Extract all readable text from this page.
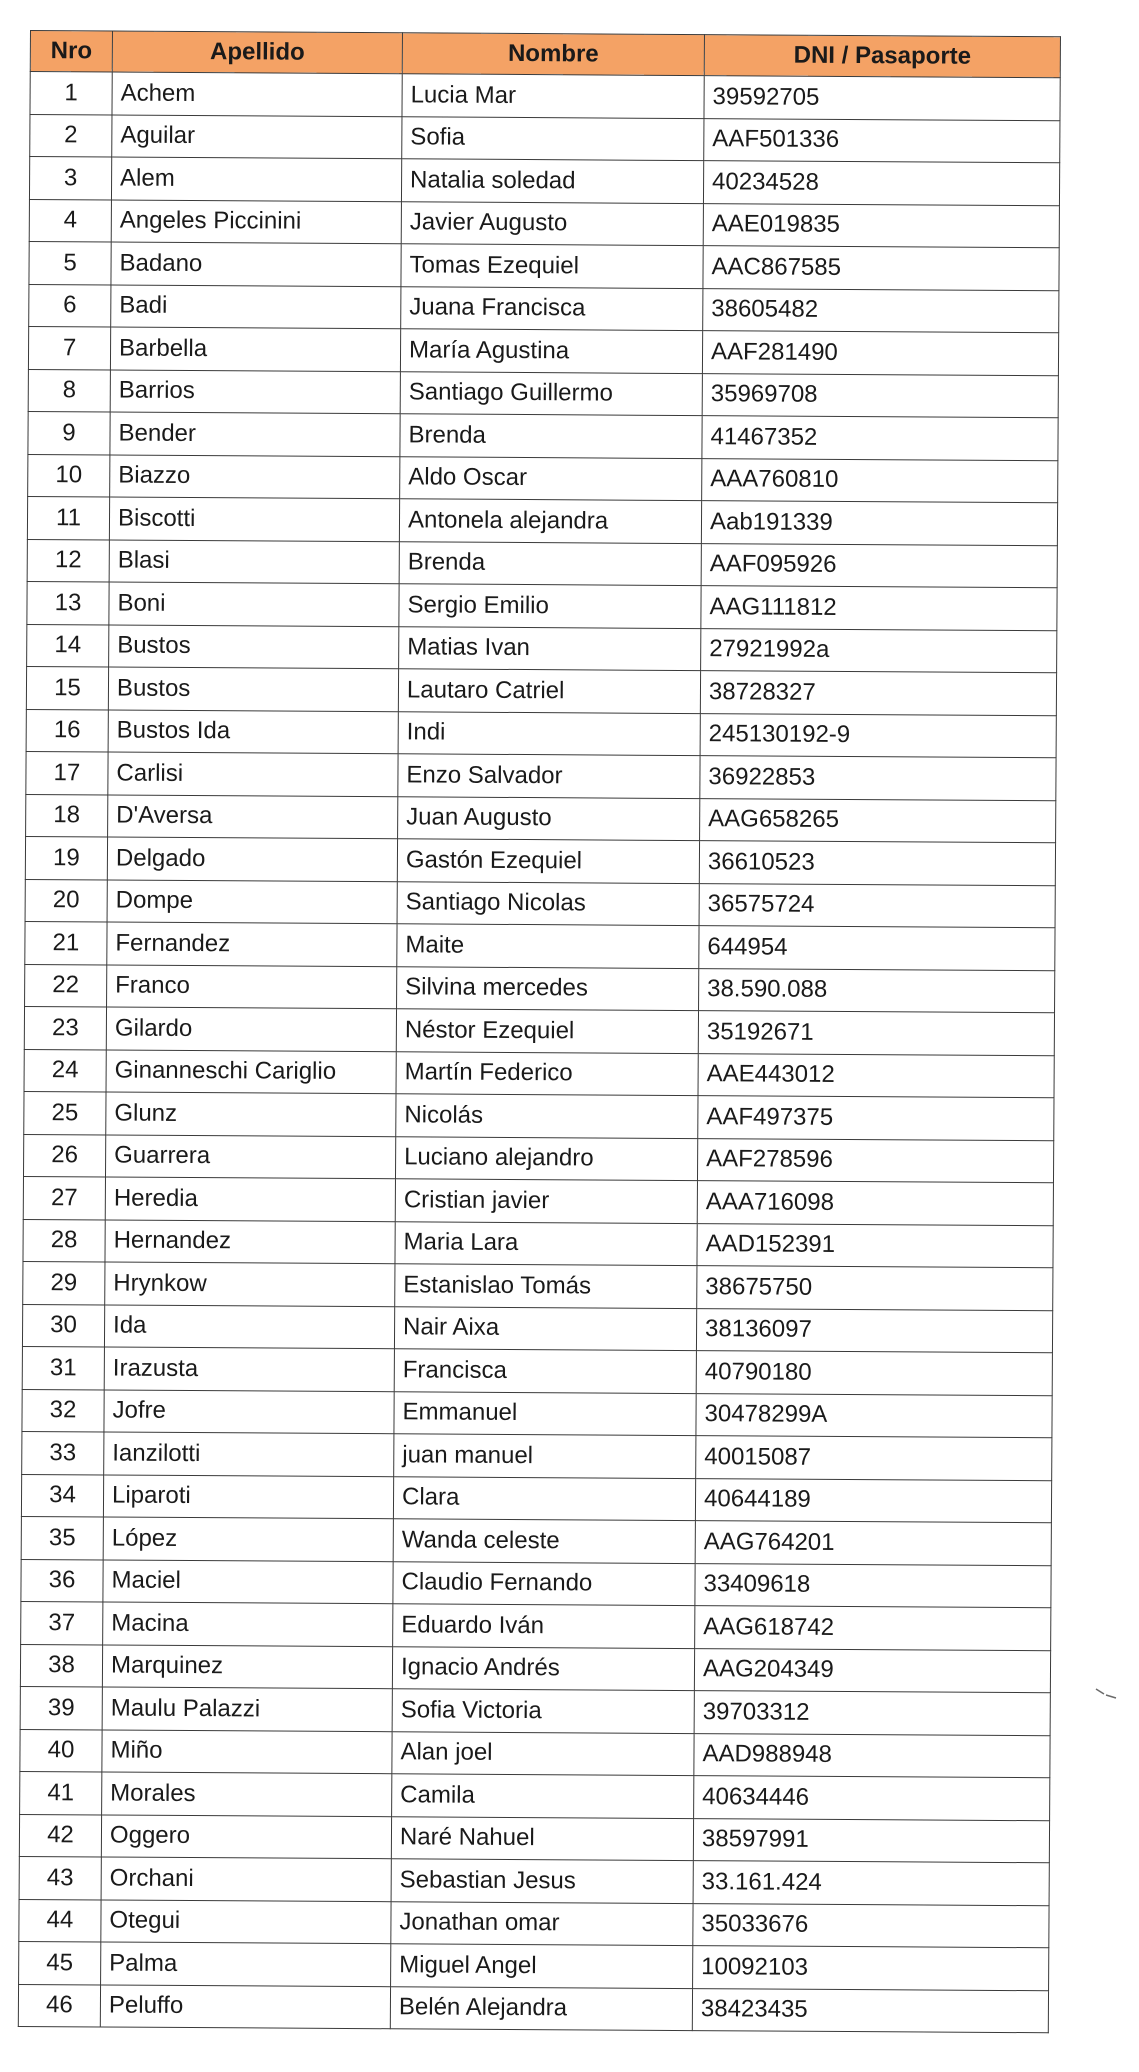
Nro	Apellido	Nombre	DNI / Pasaporte
1	Achem	Lucia Mar	39592705
2	Aguilar	Sofia	AAF501336
3	Alem	Natalia soledad	40234528
4	Angeles Piccinini	Javier Augusto	AAE019835
5	Badano	Tomas Ezequiel	AAC867585
6	Badi	Juana Francisca	38605482
7	Barbella	María Agustina	AAF281490
8	Barrios	Santiago Guillermo	35969708
9	Bender	Brenda	41467352
10	Biazzo	Aldo Oscar	AAA760810
11	Biscotti	Antonela alejandra	Aab191339
12	Blasi	Brenda	AAF095926
13	Boni	Sergio Emilio	AAG111812
14	Bustos	Matias Ivan	27921992a
15	Bustos	Lautaro Catriel	38728327
16	Bustos Ida	Indi	245130192-9
17	Carlisi	Enzo Salvador	36922853
18	D'Aversa	Juan Augusto	AAG658265
19	Delgado	Gastón Ezequiel	36610523
20	Dompe	Santiago Nicolas	36575724
21	Fernandez	Maite	644954
22	Franco	Silvina mercedes	38.590.088
23	Gilardo	Néstor Ezequiel	35192671
24	Ginanneschi Cariglio	Martín Federico	AAE443012
25	Glunz	Nicolás	AAF497375
26	Guarrera	Luciano alejandro	AAF278596
27	Heredia	Cristian javier	AAA716098
28	Hernandez	Maria Lara	AAD152391
29	Hrynkow	Estanislao Tomás	38675750
30	Ida	Nair Aixa	38136097
31	Irazusta	Francisca	40790180
32	Jofre	Emmanuel	30478299A
33	Ianzilotti	juan manuel	40015087
34	Liparoti	Clara	40644189
35	López	Wanda celeste	AAG764201
36	Maciel	Claudio Fernando	33409618
37	Macina	Eduardo Iván	AAG618742
38	Marquinez	Ignacio Andrés	AAG204349
39	Maulu Palazzi	Sofia Victoria	39703312
40	Miño	Alan joel	AAD988948
41	Morales	Camila	40634446
42	Oggero	Naré Nahuel	38597991
43	Orchani	Sebastian Jesus	33.161.424
44	Otegui	Jonathan omar	35033676
45	Palma	Miguel Angel	10092103
46	Peluffo	Belén Alejandra	38423435
